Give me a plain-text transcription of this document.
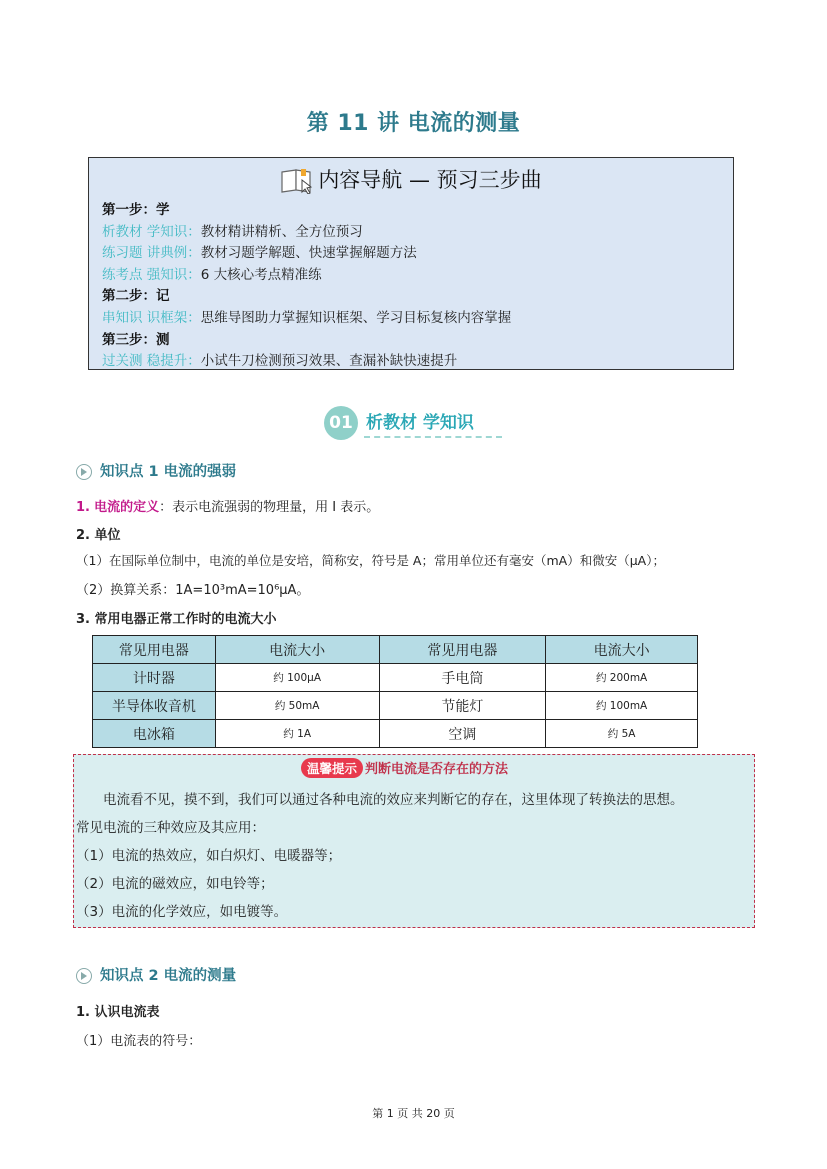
第 11 讲 电流的测量
内容导航 — 预习三步曲
第一步：学
析教材 学知识：教材精讲精析、全方位预习
练习题 讲典例：教材习题学解题、快速掌握解题方法
练考点 强知识：6 大核心考点精准练
第二步：记
串知识 识框架：思维导图助力掌握知识框架、学习目标复核内容掌握
第三步：测
过关测 稳提升：小试牛刀检测预习效果、查漏补缺快速提升
01 析教材 学知识
知识点 1 电流的强弱
1. 电流的定义：表示电流强弱的物理量，用 I 表示。
2. 单位
（1）在国际单位制中，电流的单位是安培，简称安，符号是 A；常用单位还有毫安（mA）和微安（μA）；
（2）换算关系：1A=10³mA=10⁶μA。
3. 常用电器正常工作时的电流大小
常见用电器	电流大小	常见用电器	电流大小
计时器	约 100μA	手电筒	约 200mA
半导体收音机	约 50mA	节能灯	约 100mA
电冰箱	约 1A	空调	约 5A
温馨提示 判断电流是否存在的方法
　　电流看不见，摸不到，我们可以通过各种电流的效应来判断它的存在，这里体现了转换法的思想。
常见电流的三种效应及其应用：
（1）电流的热效应，如白炽灯、电暖器等；
（2）电流的磁效应，如电铃等；
（3）电流的化学效应，如电镀等。
知识点 2 电流的测量
1. 认识电流表
（1）电流表的符号：
第 1 页 共 20 页
